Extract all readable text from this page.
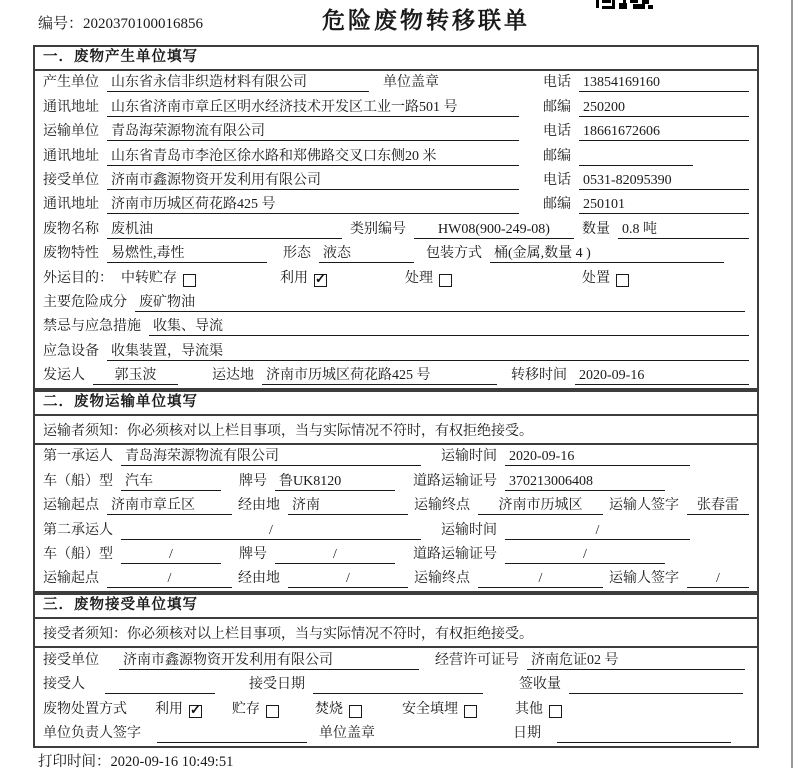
编号：2020370100016856	危险废物转移联单
一．废物产生单位填写
产生单位 山东省永信非织造材料有限公司	单位盖章	电话 13854169160
通讯地址 山东省济南市章丘区明水经济技术开发区工业一路501 号	邮编 250200
运输单位 青岛海荣源物流有限公司	电话 18661672606
通讯地址 山东省青岛市李沧区徐水路和郑佛路交叉口东侧20 米	邮编
接受单位 济南市鑫源物资开发利用有限公司	电话 0531-82095390
通讯地址 济南市历城区荷花路425 号	邮编 250101
废物名称 废机油	类别编号	HW08(900-249-08)	数量 0.8 吨
废物特性 易燃性,毒性	形态 液态	包装方式 桶(金属,数量 4 )
外运目的： 中转贮存	利用 ✓	处理	处置
主要危险成分 废矿物油
禁忌与应急措施 收集、导流
应急设备 收集装置，导流渠
发运人	郭玉波	运达地 济南市历城区荷花路425 号	转移时间 2020-09-16
二．废物运输单位填写
运输者须知：你必须核对以上栏目事项，当与实际情况不符时，有权拒绝接受。
第一承运人 青岛海荣源物流有限公司	运输时间 2020-09-16
车（船）型 汽车	牌号 鲁UK8120	道路运输证号 370213006408
运输起点 济南市章丘区	经由地 济南	运输终点	济南市历城区	运输人签字	张春雷
第二承运人	/	运输时间	/
车（船）型	/	牌号	/	道路运输证号	/
运输起点	/	经由地	/	运输终点	/	运输人签字	/
三．废物接受单位填写
接受者须知：你必须核对以上栏目事项，当与实际情况不符时，有权拒绝接受。
接受单位 济南市鑫源物资开发利用有限公司	经营许可证号 济南危证02 号
接受人	接受日期	签收量
废物处置方式 利用 ✓	贮存	焚烧	安全填埋	其他
单位负责人签字	单位盖章	日期
打印时间：2020-09-16 10:49:51
